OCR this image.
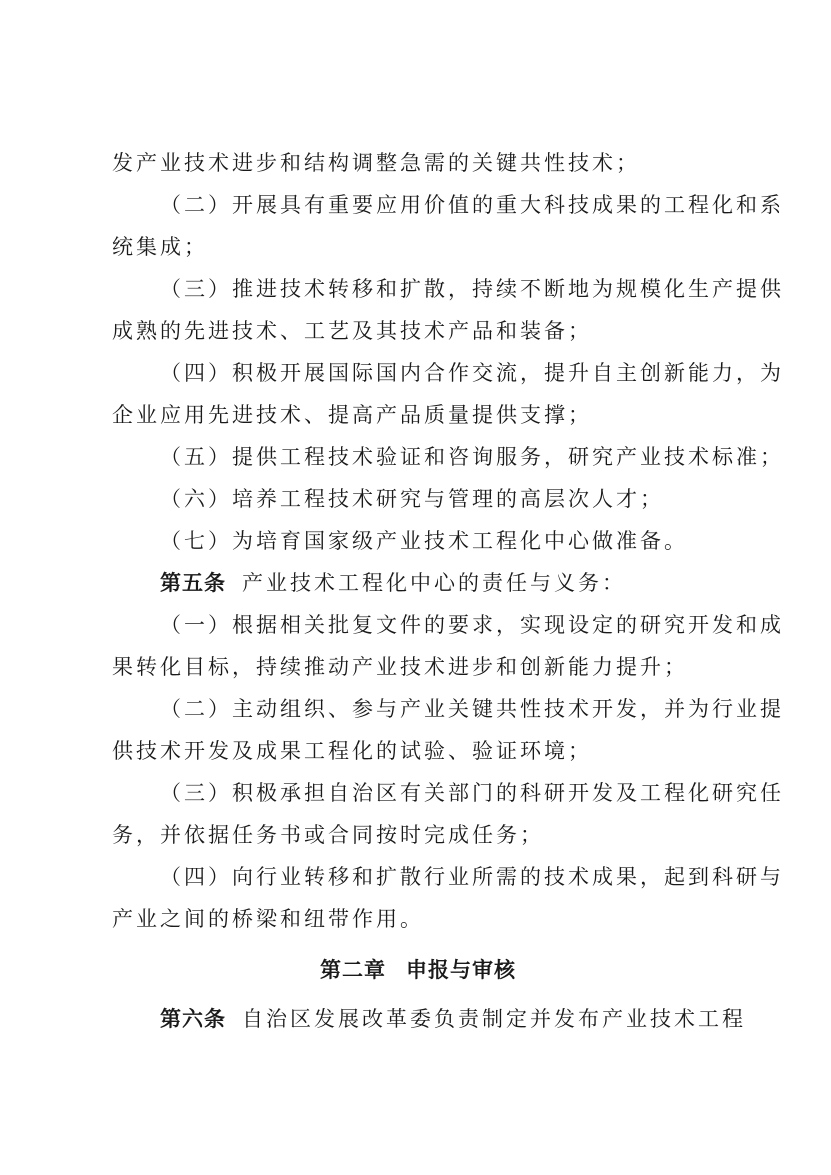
发产业技术进步和结构调整急需的关键共性技术；
（二）开展具有重要应用价值的重大科技成果的工程化和系
统集成；
（三）推进技术转移和扩散，持续不断地为规模化生产提供
成熟的先进技术、工艺及其技术产品和装备；
（四）积极开展国际国内合作交流，提升自主创新能力，为
企业应用先进技术、提高产品质量提供支撑；
（五）提供工程技术验证和咨询服务，研究产业技术标准；
（六）培养工程技术研究与管理的高层次人才；
（七）为培育国家级产业技术工程化中心做准备。
第五条 产业技术工程化中心的责任与义务：
（一）根据相关批复文件的要求，实现设定的研究开发和成
果转化目标，持续推动产业技术进步和创新能力提升；
（二）主动组织、参与产业关键共性技术开发，并为行业提
供技术开发及成果工程化的试验、验证环境；
（三）积极承担自治区有关部门的科研开发及工程化研究任
务，并依据任务书或合同按时完成任务；
（四）向行业转移和扩散行业所需的技术成果，起到科研与
产业之间的桥梁和纽带作用。
第二章 申报与审核
第六条 自治区发展改革委负责制定并发布产业技术工程
